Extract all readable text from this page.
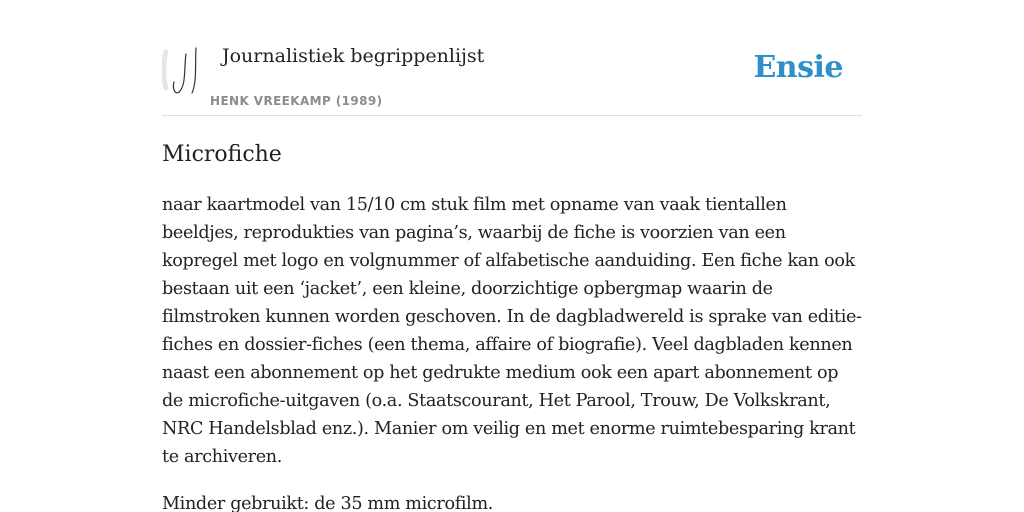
Journalistiek begrippenlijst
HENK VREEKAMP (1989)
Ensie
Microfiche

naar kaartmodel van 15/10 cm stuk film met opname van vaak tientallen beeldjes, reprodukties van pagina’s, waarbij de fiche is voorzien van een kopregel met logo en volgnummer of alfabetische aanduiding. Een fiche kan ook bestaan uit een ‘jacket’, een kleine, doorzichtige opbergmap waarin de filmstroken kunnen worden geschoven. In de dagbladwereld is sprake van editie-fiches en dossier-fiches (een thema, affaire of biografie). Veel dagbladen kennen naast een abonnement op het gedrukte medium ook een apart abonnement op de microfiche-uitgaven (o.a. Staatscourant, Het Parool, Trouw, De Volkskrant, NRC Handelsblad enz.). Manier om veilig en met enorme ruimtebesparing krant te archiveren.

Minder gebruikt: de 35 mm microfilm.
